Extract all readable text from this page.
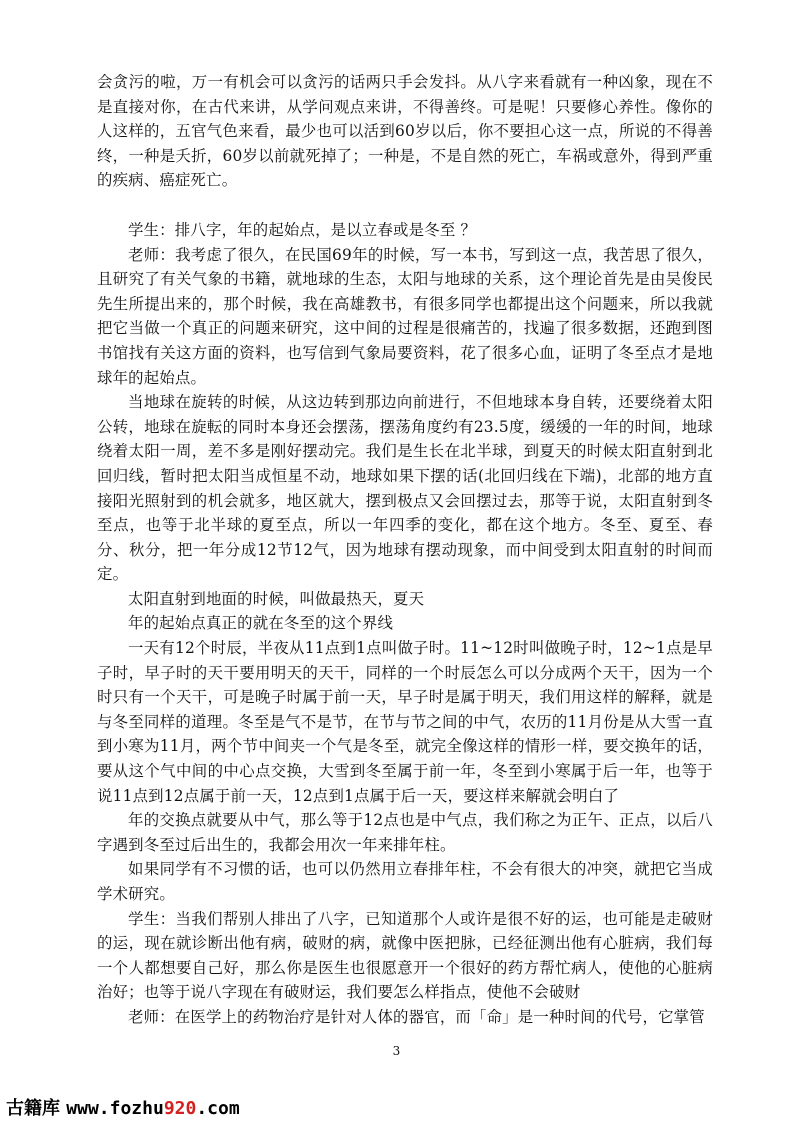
会贪污的啦，万一有机会可以贪污的话两只手会发抖。从八字来看就有一种凶象，现在不是直接对你，在古代来讲，从学问观点来讲，不得善终。可是呢！只要修心养性。像你的人这样的，五官气色来看，最少也可以活到60岁以后，你不要担心这一点，所说的不得善终，一种是夭折，60岁以前就死掉了；一种是，不是自然的死亡，车祸或意外，得到严重的疾病、癌症死亡。

学生：排八字，年的起始点，是以立春或是冬至 ？

老师：我考虑了很久，在民国69年的时候，写一本书，写到这一点，我苦思了很久，且研究了有关气象的书籍，就地球的生态，太阳与地球的关系，这个理论首先是由吴俊民先生所提出来的，那个时候，我在高雄教书，有很多同学也都提出这个问题来，所以我就把它当做一个真正的问题来研究，这中间的过程是很痛苦的，找遍了很多数据，还跑到图书馆找有关这方面的资料，也写信到气象局要资料，花了很多心血，证明了冬至点才是地球年的起始点。

当地球在旋转的时候，从这边转到那边向前进行，不但地球本身自转，还要绕着太阳公转，地球在旋転的同时本身还会摆荡，摆荡角度约有23.5度，缓缓的一年的时间，地球绕着太阳一周，差不多是刚好摆动完。我们是生长在北半球，到夏天的时候太阳直射到北回归线，暂时把太阳当成恒星不动，地球如果下摆的话(北回归线在下端)，北部的地方直接阳光照射到的机会就多，地区就大，摆到极点又会回摆过去，那等于说，太阳直射到冬至点，也等于北半球的夏至点，所以一年四季的变化，都在这个地方。冬至、夏至、春分、秋分，把一年分成12节12气，因为地球有摆动现象，而中间受到太阳直射的时间而定。

太阳直射到地面的时候，叫做最热天，夏天

年的起始点真正的就在冬至的这个界线

一天有12个时辰，半夜从11点到1点叫做子时。11~12时叫做晚子时，12~1点是早子时，早子时的天干要用明天的天干，同样的一个时辰怎么可以分成两个天干，因为一个时只有一个天干，可是晚子时属于前一天，早子时是属于明天，我们用这样的解释，就是与冬至同样的道理。冬至是气不是节，在节与节之间的中气，农历的11月份是从大雪一直到小寒为11月，两个节中间夹一个气是冬至，就完全像这样的情形一样，要交换年的话，要从这个气中间的中心点交换，大雪到冬至属于前一年，冬至到小寒属于后一年，也等于说11点到12点属于前一天，12点到1点属于后一天，要这样来解就会明白了

年的交换点就要从中气，那么等于12点也是中气点，我们称之为正午、正点，以后八字遇到冬至过后出生的，我都会用次一年来排年柱。

如果同学有不习惯的话，也可以仍然用立春排年柱，不会有很大的冲突，就把它当成学术研究。

学生：当我们帮别人排出了八字，已知道那个人或许是很不好的运，也可能是走破财的运，现在就诊断出他有病，破财的病，就像中医把脉，已经征测出他有心脏病，我们每一个人都想要自己好，那么你是医生也很愿意开一个很好的药方帮忙病人，使他的心脏病治好；也等于说八字现在有破财运，我们要怎么样指点，使他不会破财

老师：在医学上的药物治疗是针对人体的器官，而「命」是一种时间的代号，它掌管

3
古籍库 www.fozhu920.com
